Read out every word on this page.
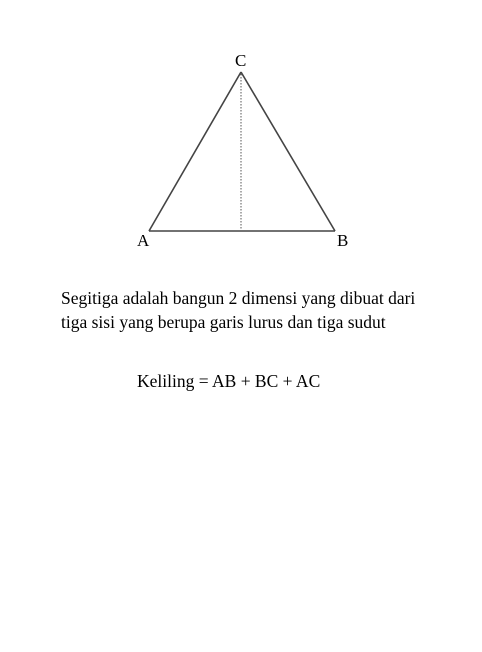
C
A	B
Segitiga adalah bangun 2 dimensi yang dibuat dari
tiga sisi yang berupa garis lurus dan tiga sudut
Keliling = AB + BC + AC
